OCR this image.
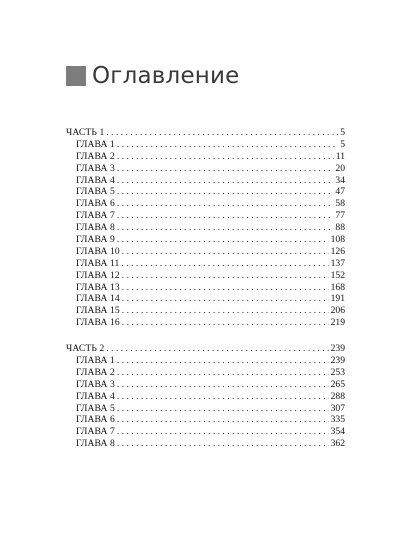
Оглавление
ЧАСТЬ 1 . . .	5
ГЛАВА 1 . . .	5
ГЛАВА 2 . . .	11
ГЛАВА 3 . . .	20
ГЛАВА 4 . . .	34
ГЛАВА 5 . . .	47
ГЛАВА 6 . . .	58
ГЛАВА 7 . . .	77
ГЛАВА 8 . . .	88
ГЛАВА 9 . . .	108
ГЛАВА 10 . . .	126
ГЛАВА 11 . . .	137
ГЛАВА 12 . . .	152
ГЛАВА 13 . . .	168
ГЛАВА 14 . . .	191
ГЛАВА 15 . . .	206
ГЛАВА 16 . . .	219
ЧАСТЬ 2 . . .	239
ГЛАВА 1 . . .	239
ГЛАВА 2 . . .	253
ГЛАВА 3 . . .	265
ГЛАВА 4 . . .	288
ГЛАВА 5 . . .	307
ГЛАВА 6 . . .	335
ГЛАВА 7 . . .	354
ГЛАВА 8 . . .	362
